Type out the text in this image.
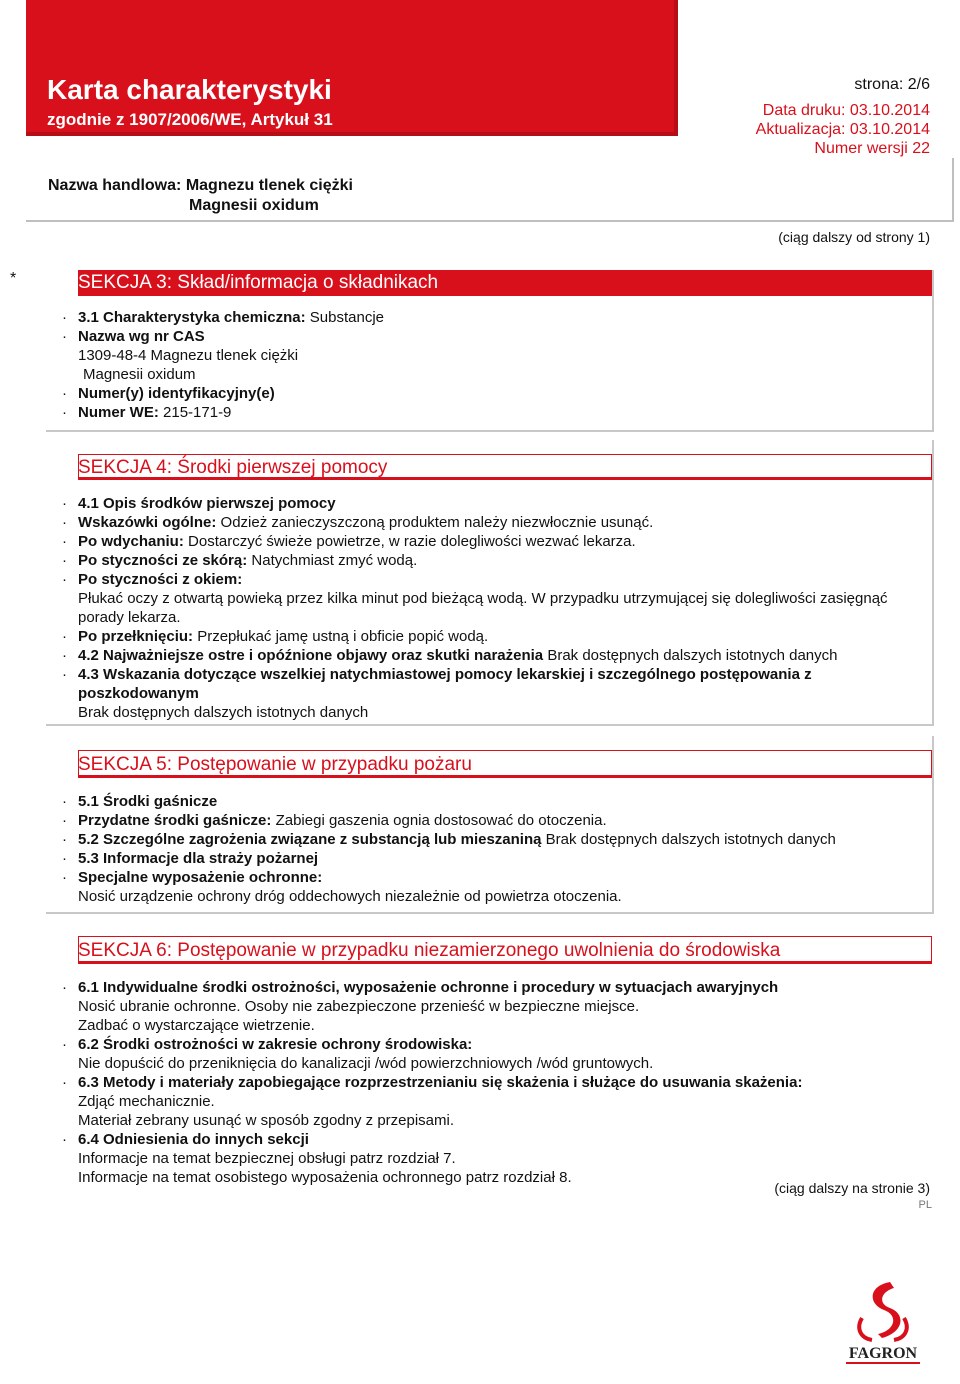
Karta charakterystyki
zgodnie z 1907/2006/WE, Artykuł 31
strona: 2/6
Data druku: 03.10.2014
Aktualizacja: 03.10.2014
Numer wersji 22
Nazwa handlowa: Magnezu tlenek ciężki
Magnesii oxidum
(ciąg dalszy od strony 1)
*	SEKCJA 3: Skład/informacja o składnikach

· 3.1 Charakterystyka chemiczna: Substancje

· Nazwa wg nr CAS

1309-48-4 Magnezu tlenek ciężki

Magnesii oxidum

· Numer(y) identyfikacyjny(e)

· Numer WE: 215-171-9

SEKCJA 4: Środki pierwszej pomocy

· 4.1 Opis środków pierwszej pomocy

· Wskazówki ogólne: Odzież zanieczyszczoną produktem należy niezwłocznie usunąć.

· Po wdychaniu: Dostarczyć świeże powietrze, w razie dolegliwości wezwać lekarza.

· Po styczności ze skórą: Natychmiast zmyć wodą.

· Po styczności z okiem:

Płukać oczy z otwartą powieką przez kilka minut pod bieżącą wodą. W przypadku utrzymującej się dolegliwości zasięgnąć porady lekarza.

· Po przełknięciu: Przepłukać jamę ustną i obficie popić wodą.

· 4.2 Najważniejsze ostre i opóźnione objawy oraz skutki narażenia Brak dostępnych dalszych istotnych danych

· 4.3 Wskazania dotyczące wszelkiej natychmiastowej pomocy lekarskiej i szczególnego postępowania z poszkodowanym

Brak dostępnych dalszych istotnych danych

SEKCJA 5: Postępowanie w przypadku pożaru

· 5.1 Środki gaśnicze

· Przydatne środki gaśnicze: Zabiegi gaszenia ognia dostosować do otoczenia.

· 5.2 Szczególne zagrożenia związane z substancją lub mieszaniną Brak dostępnych dalszych istotnych danych

· 5.3 Informacje dla straży pożarnej

· Specjalne wyposażenie ochronne:

Nosić urządzenie ochrony dróg oddechowych niezależnie od powietrza otoczenia.

SEKCJA 6: Postępowanie w przypadku niezamierzonego uwolnienia do środowiska

· 6.1 Indywidualne środki ostrożności, wyposażenie ochronne i procedury w sytuacjach awaryjnych

Nosić ubranie ochronne. Osoby nie zabezpieczone przenieść w bezpieczne miejsce.

Zadbać o wystarczające wietrzenie.

· 6.2 Środki ostrożności w zakresie ochrony środowiska:

Nie dopuścić do przeniknięcia do kanalizacji /wód powierzchniowych /wód gruntowych.

· 6.3 Metody i materiały zapobiegające rozprzestrzenianiu się skażenia i służące do usuwania skażenia:

Zdjąć mechanicznie.

Materiał zebrany usunąć w sposób zgodny z przepisami.

· 6.4 Odniesienia do innych sekcji

Informacje na temat bezpiecznej obsługi patrz rozdział 7.

Informacje na temat osobistego wyposażenia ochronnego patrz rozdział 8.

(ciąg dalszy na stronie 3)
PL
FAGRON
